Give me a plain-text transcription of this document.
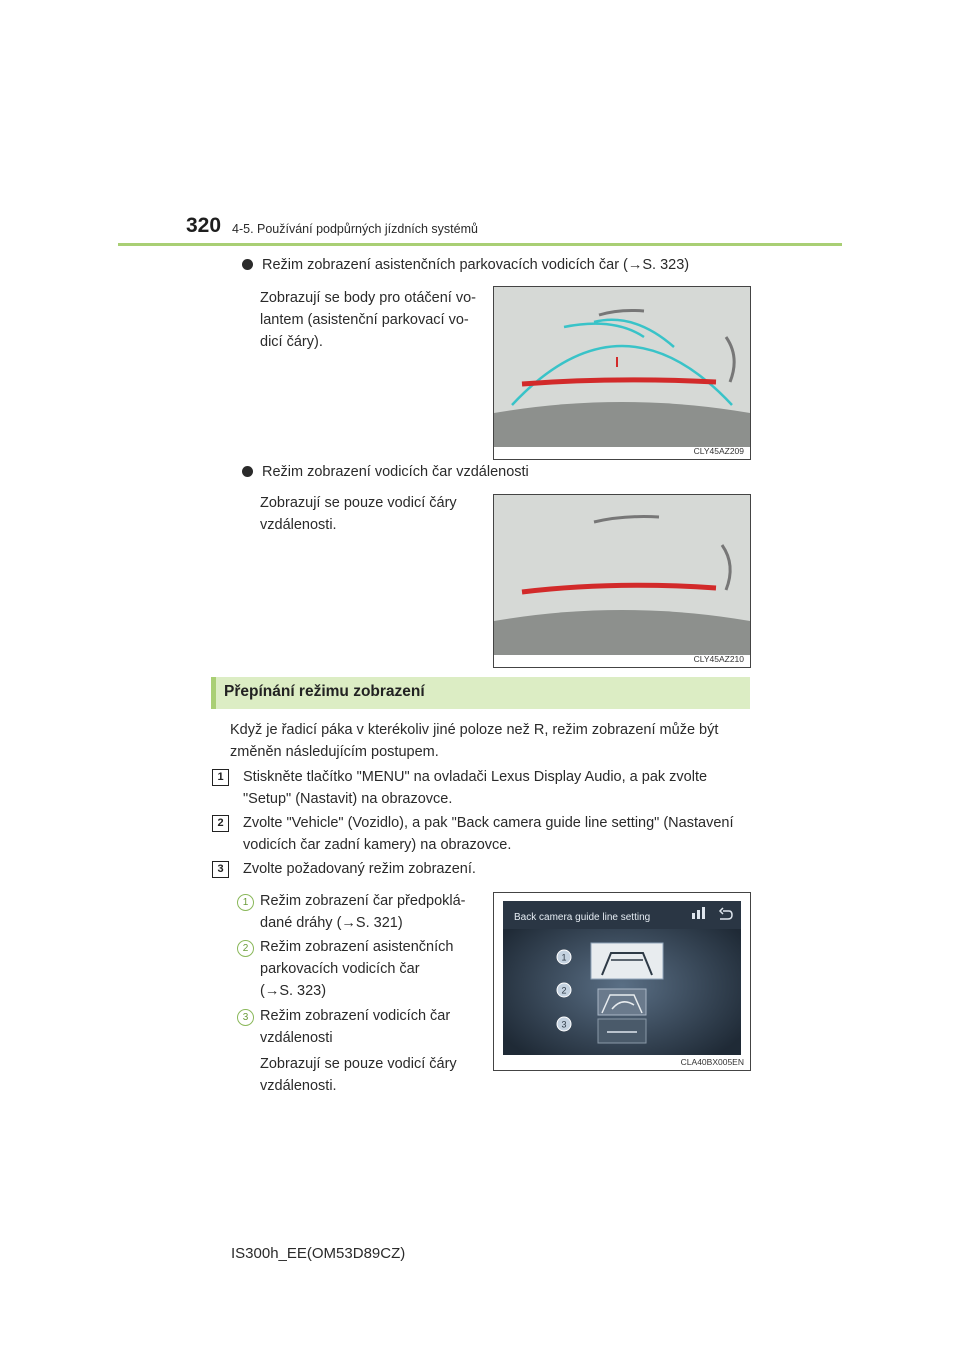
320 4-5. Používání podpůrných jízdních systémů
Režim zobrazení asistenčních parkovacích vodicích čar (→S. 323)
Zobrazují se body pro otáčení vo-
lantem (asistenční parkovací vo-
dicí čáry).
CLY45AZ209
Režim zobrazení vodicích čar vzdálenosti
Zobrazují se pouze vodicí čáry
vzdálenosti.
CLY45AZ210
Přepínání režimu zobrazení
Když je řadicí páka v kterékoliv jiné poloze než R, režim zobrazení může být
změněn následujícím postupem.
1	Stiskněte tlačítko "MENU" na ovladači Lexus Display Audio, a pak zvolte
"Setup" (Nastavit) na obrazovce.
2	Zvolte "Vehicle" (Vozidlo), a pak "Back camera guide line setting" (Nastavení
vodicích čar zadní kamery) na obrazovce.
3	Zvolte požadovaný režim zobrazení.
1 Režim zobrazení čar předpoklá-
dané dráhy (→S. 321)
2 Režim zobrazení asistenčních
parkovacích vodicích čar
(→S. 323)
3 Režim zobrazení vodicích čar
vzdálenosti
Zobrazují se pouze vodicí čáry
vzdálenosti.
Back camera guide line setting
1
2
3
CLA40BX005EN
IS300h_EE(OM53D89CZ)
